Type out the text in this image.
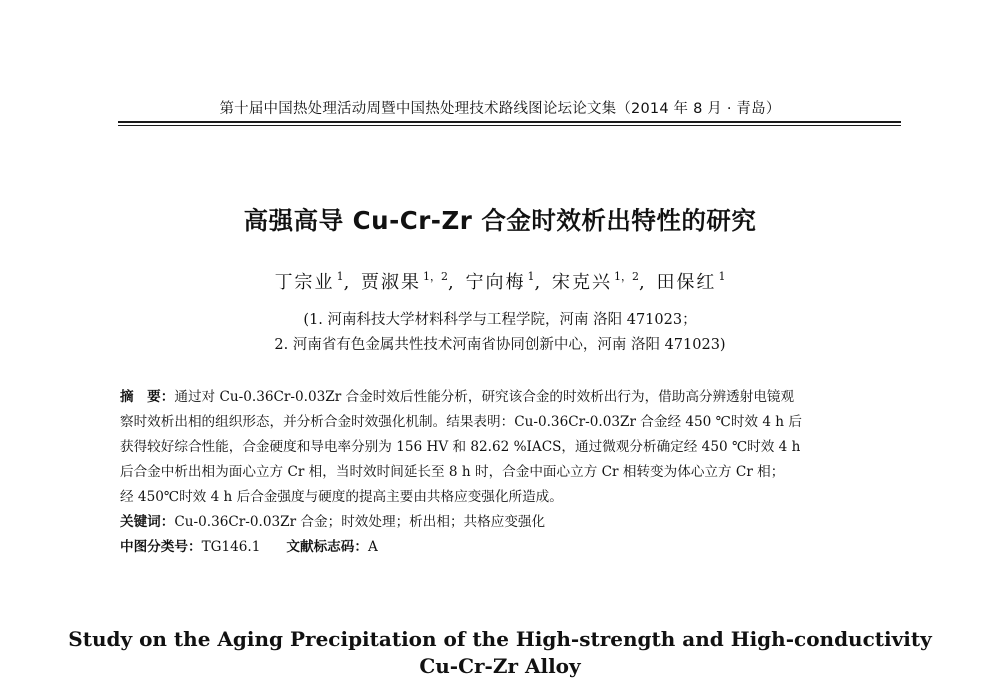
第十届中国热处理活动周暨中国热处理技术路线图论坛论文集（2014 年 8 月 · 青岛）
高强高导 Cu-Cr-Zr 合金时效析出特性的研究
丁宗业 $^1$, 贾淑果 $^{1,2}$, 宁向梅 $^1$, 宋克兴 $^{1,2}$, 田保红 $^1$
(1. 河南科技大学材料科学与工程学院，河南 洛阳 471023；
2. 河南省有色金属共性技术河南省协同创新中心，河南 洛阳 471023)

摘　要：通过对 Cu-0.36Cr-0.03Zr 合金时效后性能分析，研究该合金的时效析出行为，借助高分辨透射电镜观

察时效析出相的组织形态，并分析合金时效强化机制。结果表明：Cu-0.36Cr-0.03Zr 合金经 450 ℃时效 4 h 后

获得较好综合性能，合金硬度和导电率分别为 156 HV 和 82.62 %IACS，通过微观分析确定经 450 ℃时效 4 h

后合金中析出相为面心立方 Cr 相，当时效时间延长至 8 h 时，合金中面心立方 Cr 相转变为体心立方 Cr 相；

经 450℃时效 4 h 后合金强度与硬度的提高主要由共格应变强化所造成。

关键词：Cu-0.36Cr-0.03Zr 合金；时效处理；析出相；共格应变强化

中图分类号：TG146.1 文献标志码：A

Study on the Aging Precipitation of the High-strength and High-conductivity
Cu-Cr-Zr Alloy
